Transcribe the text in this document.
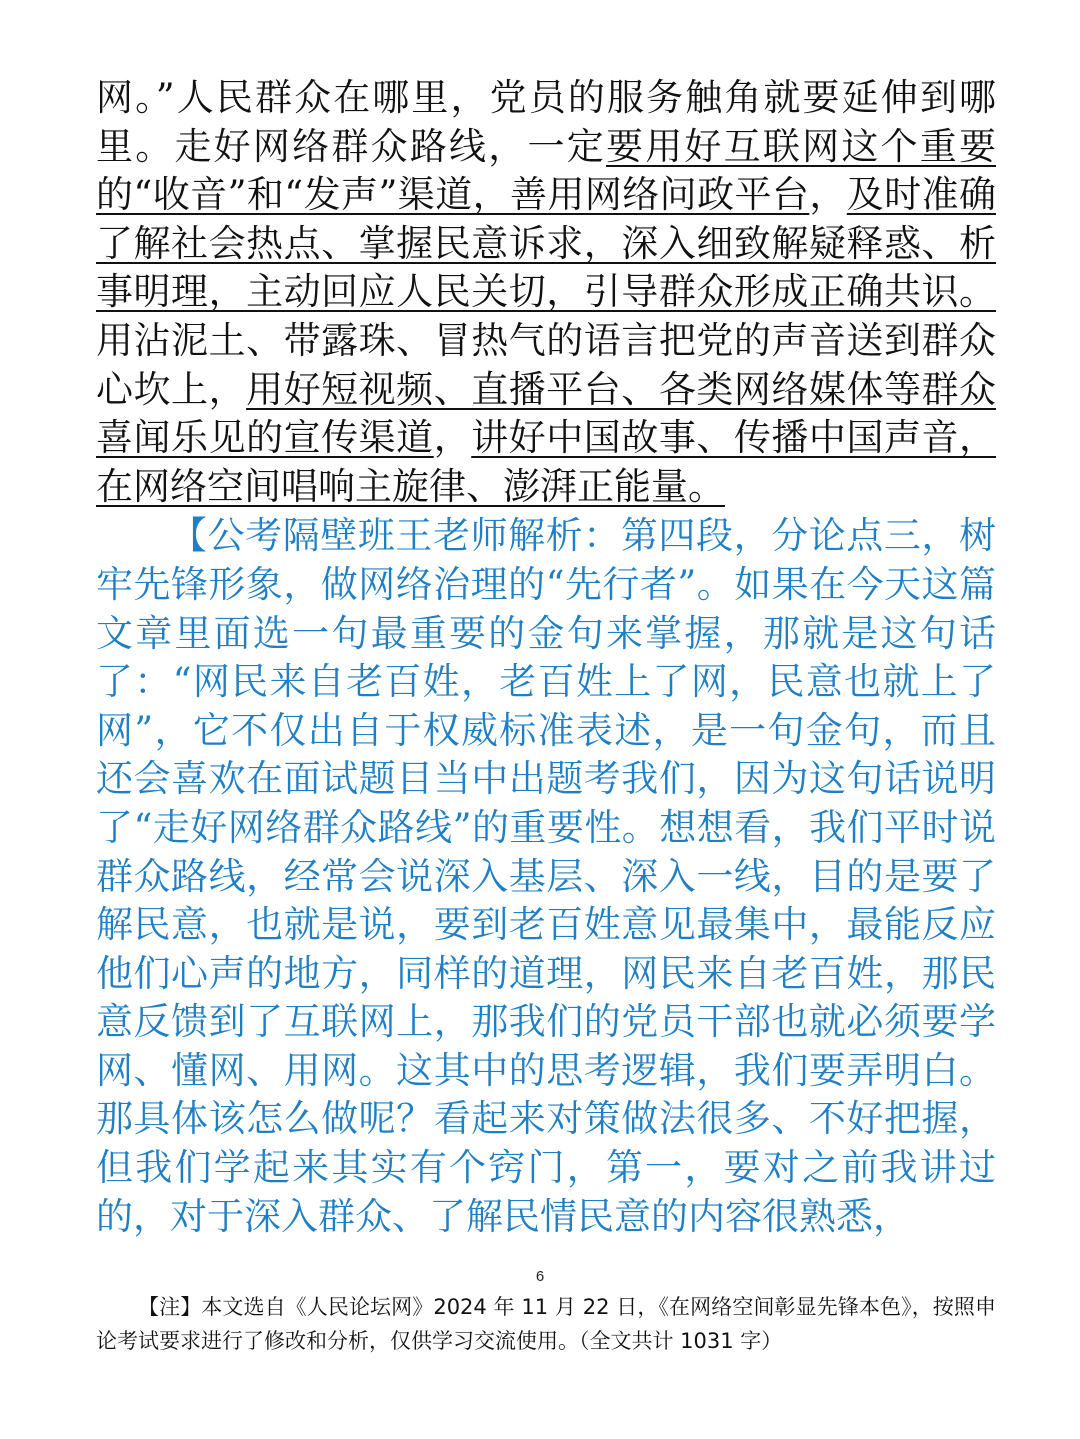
网。”人民群众在哪里，党员的服务触角就要延伸到哪里。走好网络群众路线，一定要用好互联网这个重要的“收音”和“发声”渠道，善用网络问政平台，及时准确了解社会热点、掌握民意诉求，深入细致解疑释惑、析事明理，主动回应人民关切，引导群众形成正确共识。用沾泥土、带露珠、冒热气的语言把党的声音送到群众心坎上，用好短视频、直播平台、各类网络媒体等群众喜闻乐见的宣传渠道，讲好中国故事、传播中国声音，在网络空间唱响主旋律、澎湃正能量。

【公考隔壁班王老师解析：第四段，分论点三，树牢先锋形象，做网络治理的“先行者”。如果在今天这篇文章里面选一句最重要的金句来掌握，那就是这句话了：“网民来自老百姓，老百姓上了网，民意也就上了网”，它不仅出自于权威标准表述，是一句金句，而且还会喜欢在面试题目当中出题考我们，因为这句话说明了“走好网络群众路线”的重要性。想想看，我们平时说群众路线，经常会说深入基层、深入一线，目的是要了解民意，也就是说，要到老百姓意见最集中，最能反应他们心声的地方，同样的道理，网民来自老百姓，那民意反馈到了互联网上，那我们的党员干部也就必须要学网、懂网、用网。这其中的思考逻辑，我们要弄明白。那具体该怎么做呢？看起来对策做法很多、不好把握，但我们学起来其实有个窍门，第一，要对之前我讲过的，对于深入群众、了解民情民意的内容很熟悉，

6
【注】本文选自《人民论坛网》2024 年 11 月 22 日，《在网络空间彰显先锋本色》，按照申论考试要求进行了修改和分析，仅供学习交流使用。（全文共计 1031 字）
